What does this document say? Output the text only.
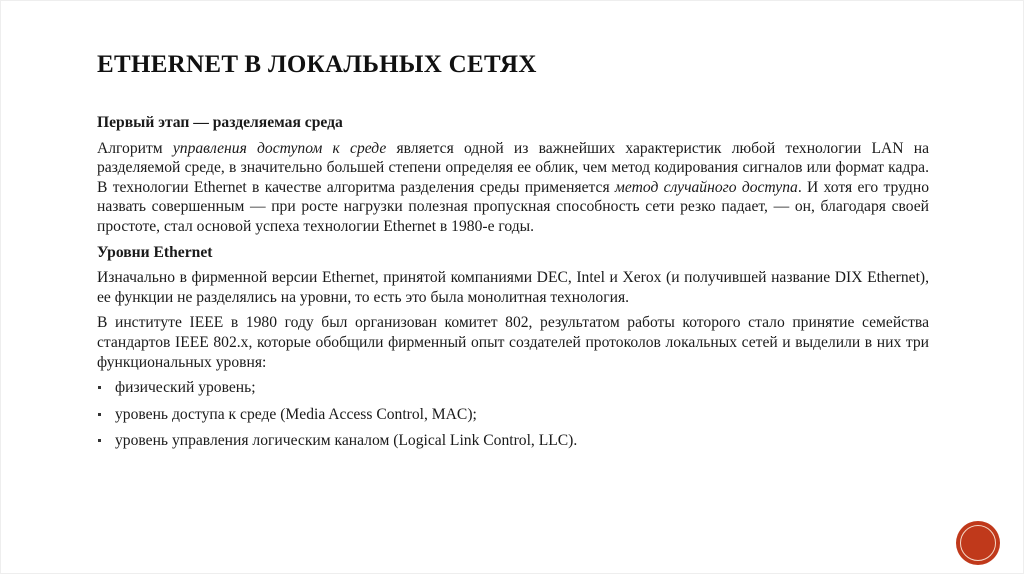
ETHERNET В ЛОКАЛЬНЫХ СЕТЯХ
Первый этап — разделяемая среда
Алгоритм управления доступом к среде является одной из важнейших характеристик любой технологии LAN на разделяемой среде, в значительно большей степени определяя ее облик, чем метод кодирования сигналов или формат кадра. В технологии Ethernet в качестве алгоритма разделения среды применяется метод случайного доступа. И хотя его трудно назвать совершенным — при росте нагрузки полезная пропускная способность сети резко падает, — он, благодаря своей простоте, стал основой успеха технологии Ethernet в 1980-е годы.
Уровни Ethernet
Изначально в фирменной версии Ethernet, принятой компаниями DEC, Intel и Xerox (и получившей название DIX Ethernet), ее функции не разделялись на уровни, то есть это была монолитная технология.
В институте IEEE в 1980 году был организован комитет 802, результатом работы которого стало принятие семейства стандартов IEEE 802.x, которые обобщили фирменный опыт создателей протоколов локальных сетей и выделили в них три функциональных уровня:
физический уровень;
уровень доступа к среде (Media Access Control, MAC);
уровень управления логическим каналом (Logical Link Control, LLC).
